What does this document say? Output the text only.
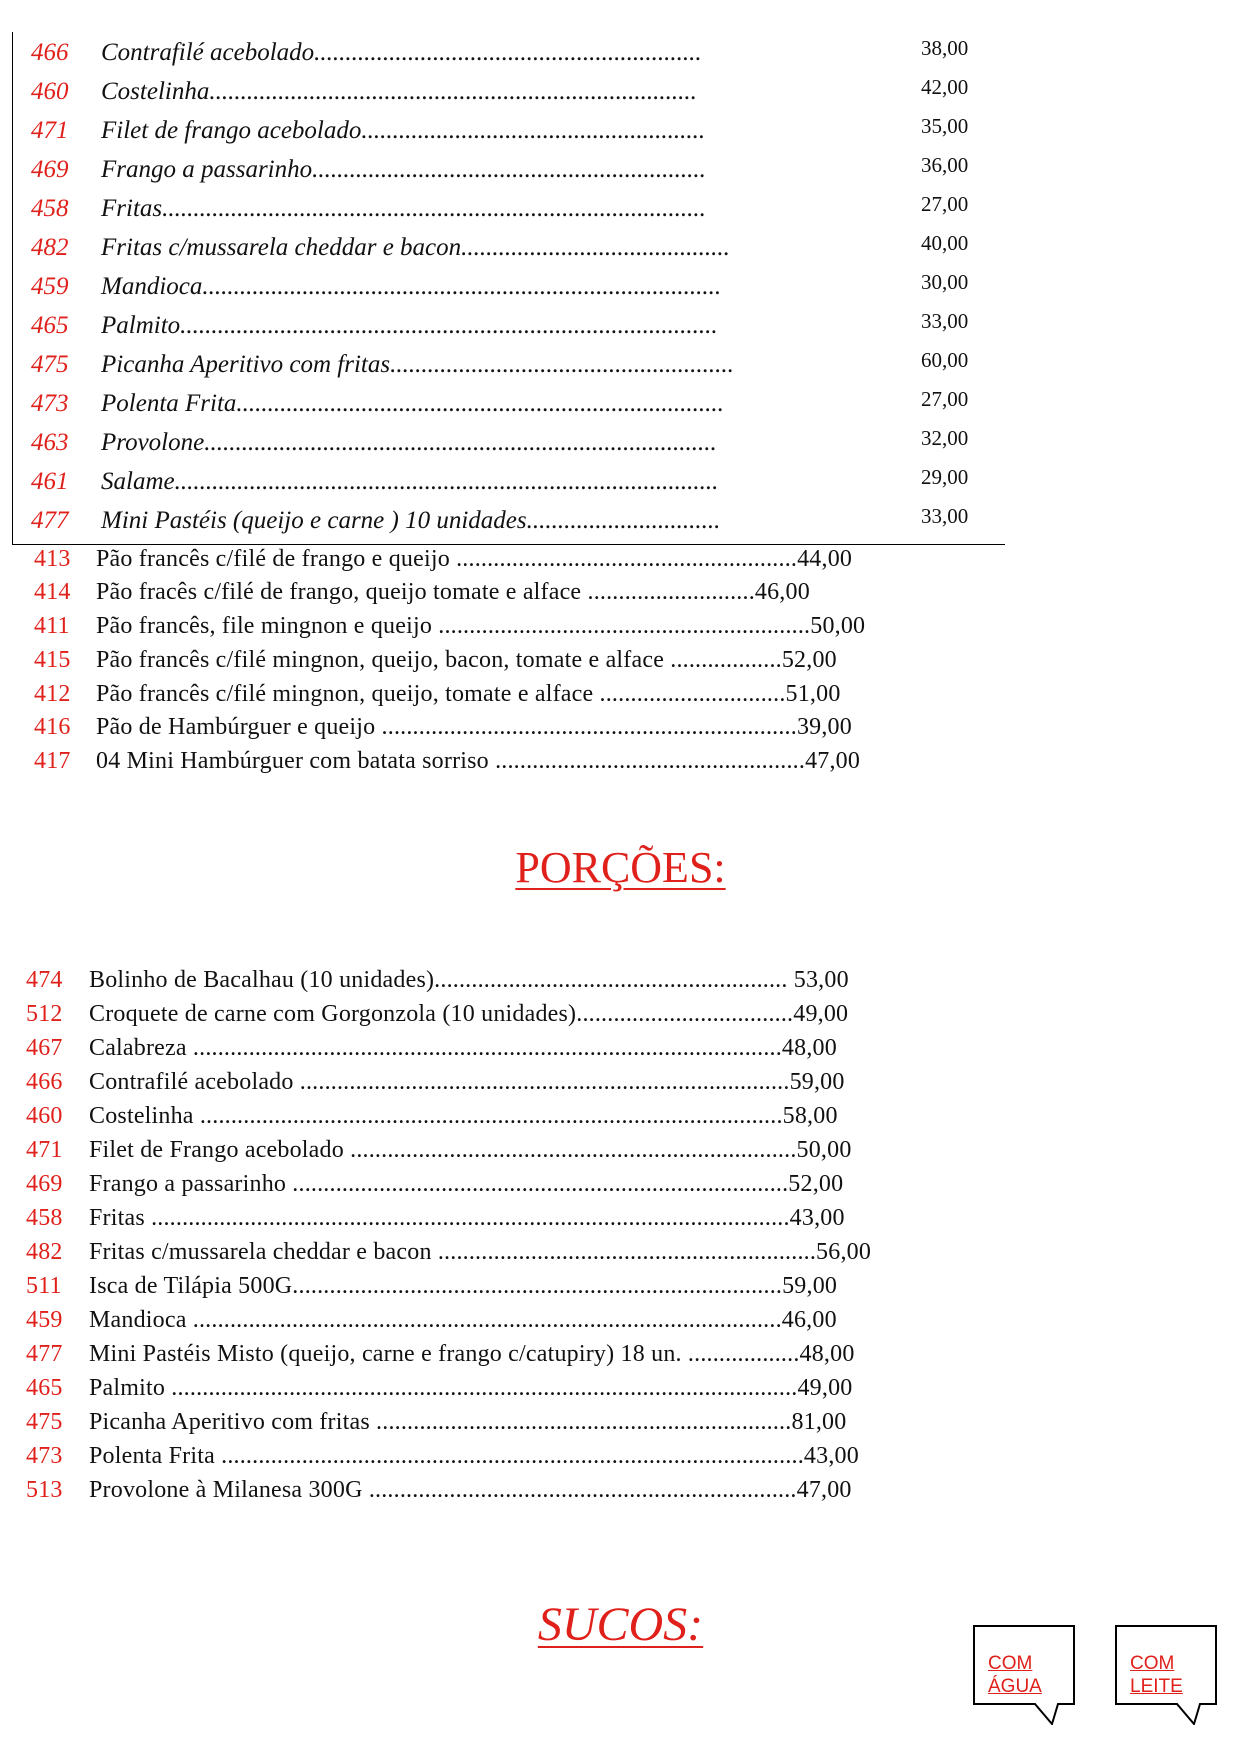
466 Contrafilé acebolado..............................................................	38,00
460 Costelinha..............................................................................	42,00
471 Filet de frango acebolado.......................................................	35,00
469 Frango a passarinho...............................................................	36,00
458 Fritas.......................................................................................	27,00
482 Fritas c/mussarela cheddar e bacon...........................................	40,00
459 Mandioca...................................................................................	30,00
465 Palmito......................................................................................	33,00
475 Picanha Aperitivo com fritas.......................................................	60,00
473 Polenta Frita..............................................................................	27,00
463 Provolone..................................................................................	32,00
461 Salame.......................................................................................	29,00
477 Mini Pastéis (queijo e carne ) 10 unidades...............................	33,00
413 Pão francês c/filé de frango e queijo .......................................................44,00
414 Pão fracês c/filé de frango, queijo tomate e alface ...........................46,00
411 Pão francês, file mingnon e queijo ............................................................50,00
415 Pão francês c/filé mingnon, queijo, bacon, tomate e alface ..................52,00
412 Pão francês c/filé mingnon, queijo, tomate e alface ..............................51,00
416 Pão de Hambúrguer e queijo ...................................................................39,00
417 04 Mini Hambúrguer com batata sorriso ..................................................47,00
PORÇÕES:
474 Bolinho de Bacalhau (10 unidades)......................................................... 53,00
512 Croquete de carne com Gorgonzola (10 unidades)...................................49,00
467 Calabreza ...............................................................................................48,00
466 Contrafilé acebolado ...............................................................................59,00
460 Costelinha ..............................................................................................58,00
471 Filet de Frango acebolado ........................................................................50,00
469 Frango a passarinho ................................................................................52,00
458 Fritas .......................................................................................................43,00
482 Fritas c/mussarela cheddar e bacon .............................................................56,00
511 Isca de Tilápia 500G...............................................................................59,00
459 Mandioca ...............................................................................................46,00
477 Mini Pastéis Misto (queijo, carne e frango c/catupiry) 18 un. ..................48,00
465 Palmito .....................................................................................................49,00
475 Picanha Aperitivo com fritas ...................................................................81,00
473 Polenta Frita ..............................................................................................43,00
513 Provolone à Milanesa 300G .....................................................................47,00
SUCOS:
COM
ÁGUA
COM
LEITE
